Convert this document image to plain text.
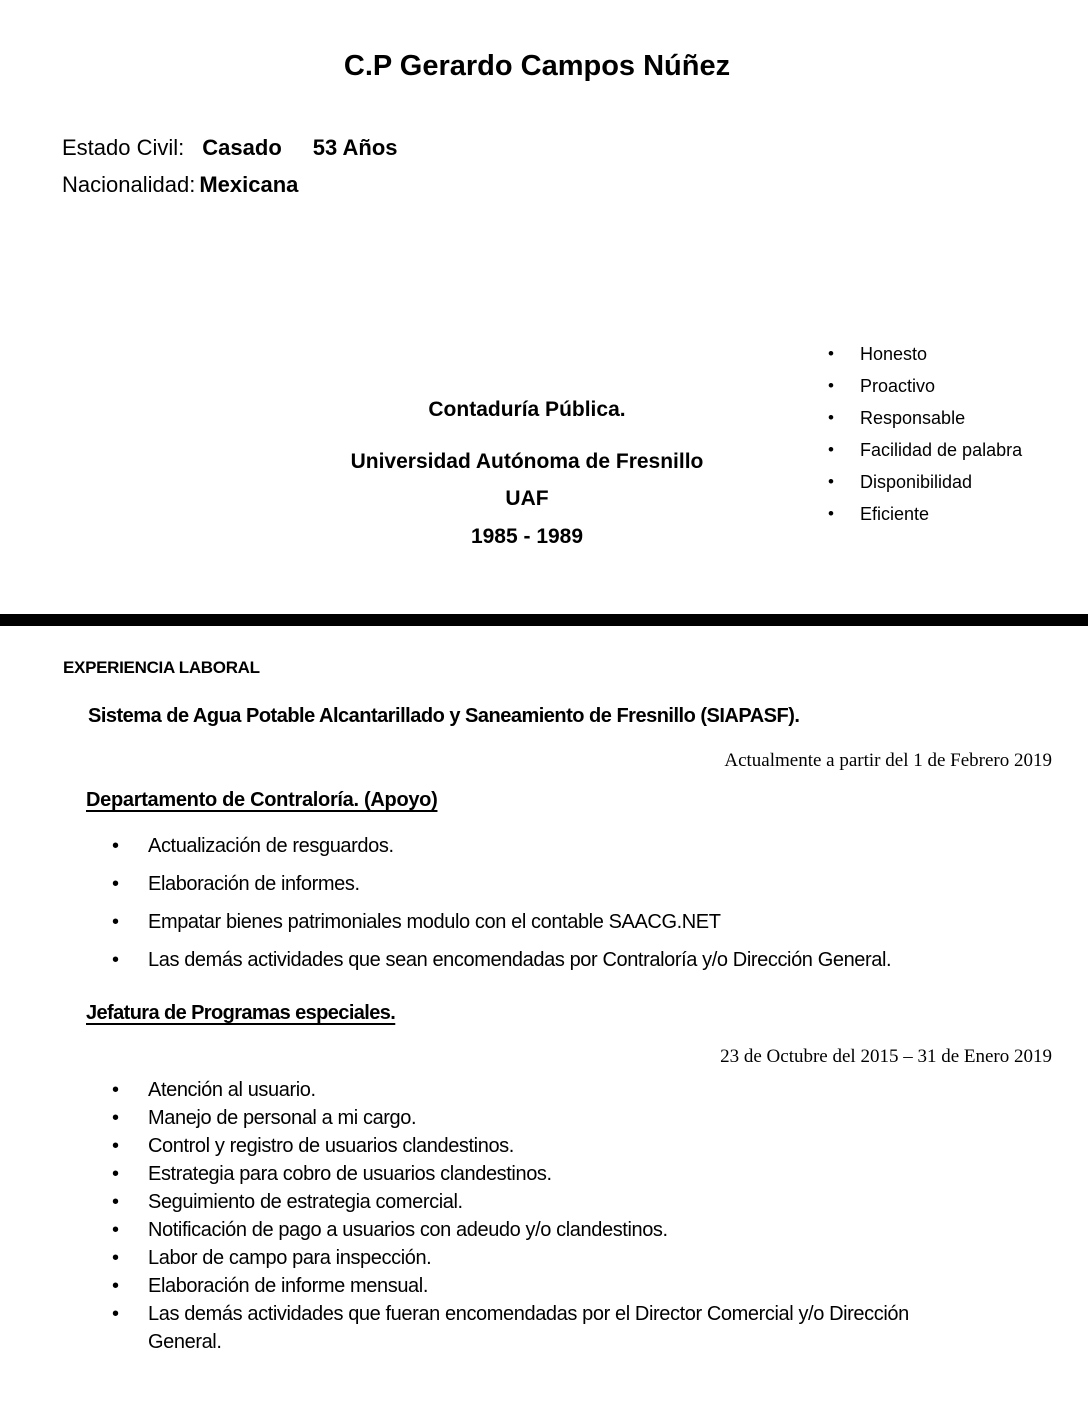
C.P Gerardo Campos Núñez
Estado Civil: Casado 53 Años
Nacionalidad: Mexicana
•	Honesto
•	Proactivo
•	Responsable
•	Facilidad de palabra
•	Disponibilidad
•	Eficiente
Contaduría Pública.
Universidad Autónoma de Fresnillo
UAF
1985 - 1989
EXPERIENCIA LABORAL
Sistema de Agua Potable Alcantarillado y Saneamiento de Fresnillo (SIAPASF).
Actualmente a partir del 1 de Febrero 2019
Departamento de Contraloría. (Apoyo)
•	Actualización de resguardos.
•	Elaboración de informes.
•	Empatar bienes patrimoniales modulo con el contable SAACG.NET
•	Las demás actividades que sean encomendadas por Contraloría y/o Dirección General.
Jefatura de Programas especiales.
23 de Octubre del 2015 – 31 de Enero 2019
•	Atención al usuario.
•	Manejo de personal a mi cargo.
•	Control y registro de usuarios clandestinos.
•	Estrategia para cobro de usuarios clandestinos.
•	Seguimiento de estrategia comercial.
•	Notificación de pago a usuarios con adeudo y/o clandestinos.
•	Labor de campo para inspección.
•	Elaboración de informe mensual.
•	Las demás actividades que fueran encomendadas por el Director Comercial y/o Dirección General.
